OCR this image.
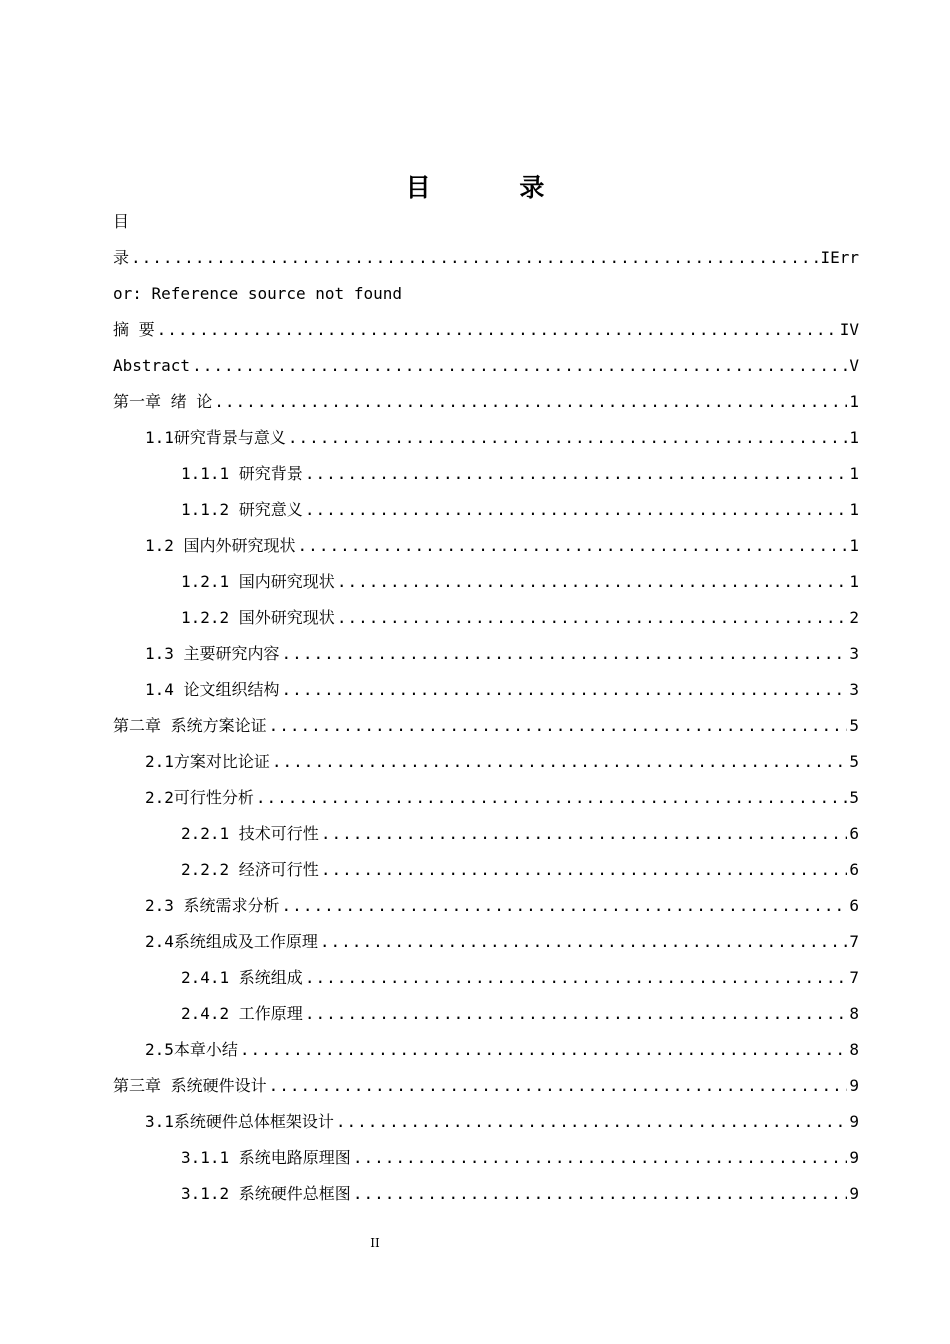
目 录
目
录 .....	IErr
or: Reference source not found
摘 要 .....	IV
Abstract .....	V
第一章 绪 论 .....	1
1.1研究背景与意义 .....	1
1.1.1 研究背景 .....	1
1.1.2 研究意义 .....	1
1.2 国内外研究现状 .....	1
1.2.1 国内研究现状 .....	1
1.2.2 国外研究现状 .....	2
1.3 主要研究内容 .....	3
1.4 论文组织结构 .....	3
第二章 系统方案论证 .....	5
2.1方案对比论证 .....	5
2.2可行性分析 .....	5
2.2.1 技术可行性 .....	6
2.2.2 经济可行性 .....	6
2.3 系统需求分析 .....	6
2.4系统组成及工作原理 .....	7
2.4.1 系统组成 .....	7
2.4.2 工作原理 .....	8
2.5本章小结 .....	8
第三章 系统硬件设计 .....	9
3.1系统硬件总体框架设计 .....	9
3.1.1 系统电路原理图 .....	9
3.1.2 系统硬件总框图 .....	9
II
